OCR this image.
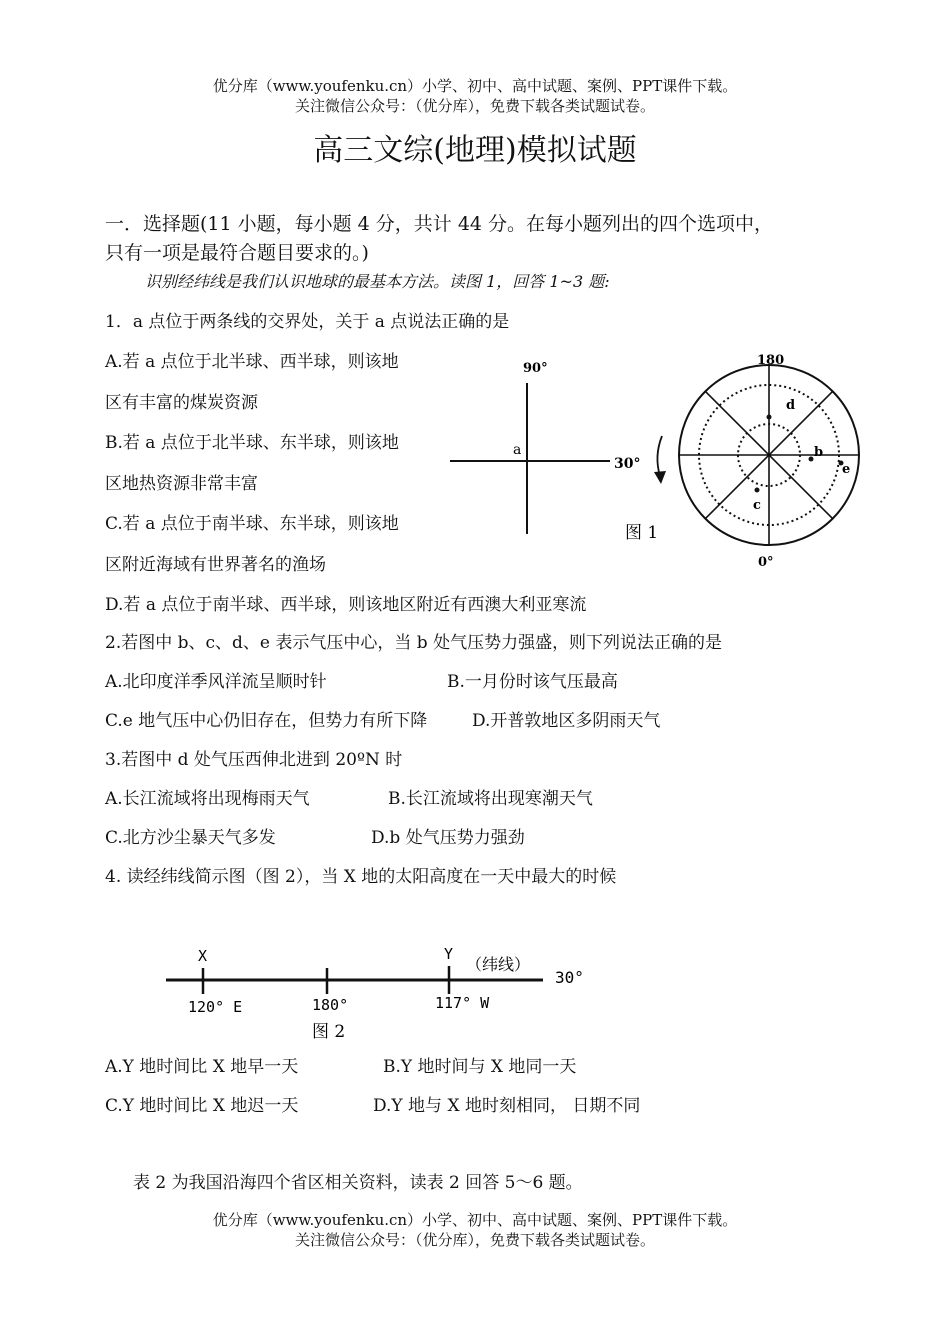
优分库（www.youfenku.cn）小学、初中、高中试题、案例、PPT课件下载。
关注微信公众号：（优分库），免费下载各类试题试卷。
高三文综(地理)模拟试题
一．选择题(11 小题，每小题 4 分，共计 44 分。在每小题列出的四个选项中，
只有一项是最符合题目要求的。)
识别经纬线是我们认识地球的最基本方法。读图 1，回答 1~3 题:
1．a 点位于两条线的交界处，关于 a 点说法正确的是
A.若 a 点位于北半球、西半球，则该地
区有丰富的煤炭资源
B.若 a 点位于北半球、东半球，则该地
区地热资源非常丰富
C.若 a 点位于南半球、东半球，则该地
区附近海域有世界著名的渔场
D.若 a 点位于南半球、西半球，则该地区附近有西澳大利亚寒流
90°
30°
a
180
0°
d
b
c
e
图 1
2.若图中 b、c、d、e 表示气压中心，当 b 处气压势力强盛，则下列说法正确的是
A.北印度洋季风洋流呈顺时针	B.一月份时该气压最高
C.e 地气压中心仍旧存在，但势力有所下降	D.开普敦地区多阴雨天气
3.若图中 d 处气压西伸北进到 20ºN 时
A.长江流域将出现梅雨天气	B.长江流域将出现寒潮天气
C.北方沙尘暴天气多发	D.b 处气压势力强劲
4. 读经纬线简示图（图 2），当 X 地的太阳高度在一天中最大的时候
X	Y
（纬线）
30°
120° E	180°	117° W
图 2
A.Y 地时间比 X 地早一天	B.Y 地时间与 X 地同一天
C.Y 地时间比 X 地迟一天	D.Y 地与 X 地时刻相同， 日期不同
表 2 为我国沿海四个省区相关资料，读表 2 回答 5～6 题。
优分库（www.youfenku.cn）小学、初中、高中试题、案例、PPT课件下载。
关注微信公众号：（优分库），免费下载各类试题试卷。
